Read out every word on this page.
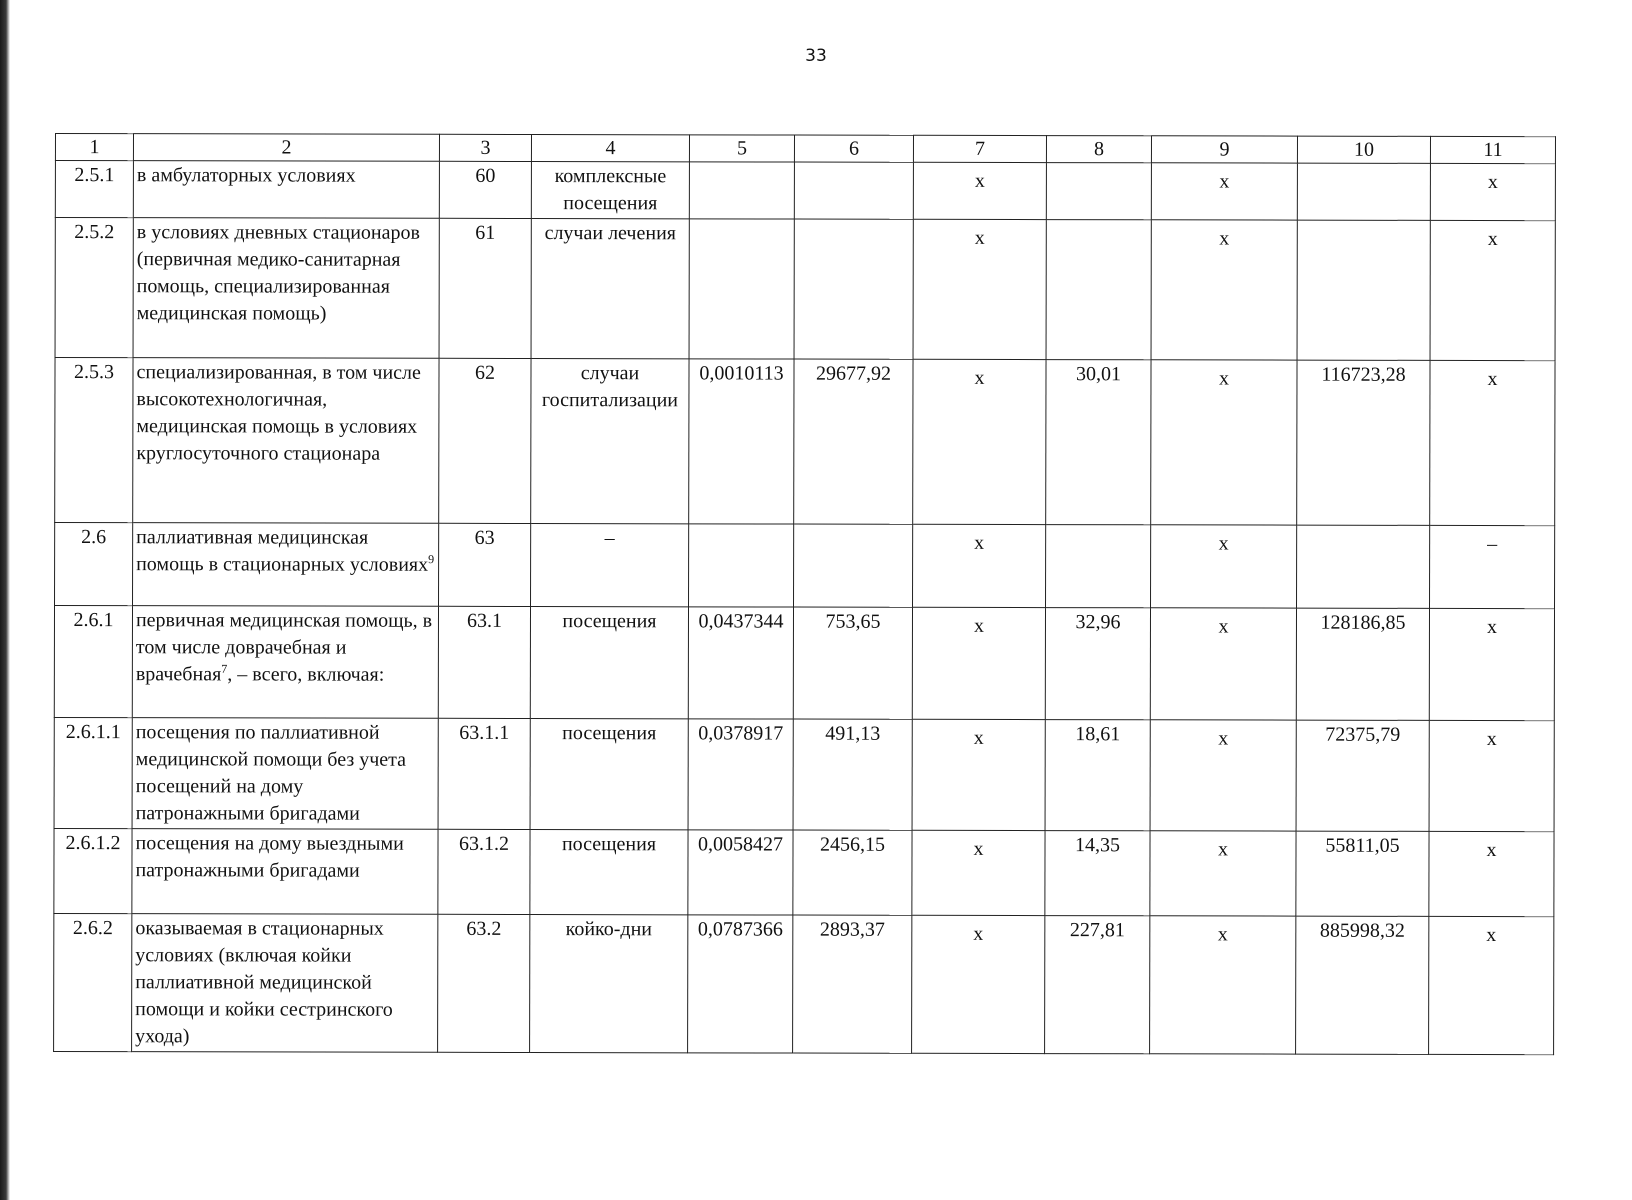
33
1	2	3	4	5	6	7	8	9	10	11
2.5.1	в амбулаторных условиях	60	комплексные посещения			х		х		х
2.5.2	в условиях дневных стационаров (первичная медико-санитарная помощь, специализированная медицинская помощь)	61	случаи лечения			х		х		х
2.5.3	специализированная, в том числе высокотехнологичная, медицинская помощь в условиях круглосуточного стационара	62	случаи госпитализации	0,0010113	29677,92	х	30,01	х	116723,28	х
2.6	паллиативная медицинская помощь в стационарных условиях$^9$	63	–			х		х		–
2.6.1	первичная медицинская помощь, в том числе доврачебная и врачебная$^7$, – всего, включая:	63.1	посещения	0,0437344	753,65	х	32,96	х	128186,85	х
2.6.1.1	посещения по паллиативной медицинской помощи без учета посещений на дому патронажными бригадами	63.1.1	посещения	0,0378917	491,13	х	18,61	х	72375,79	х
2.6.1.2	посещения на дому выездными патронажными бригадами	63.1.2	посещения	0,0058427	2456,15	х	14,35	х	55811,05	х
2.6.2	оказываемая в стационарных условиях (включая койки паллиативной медицинской помощи и койки сестринского ухода)	63.2	койко-дни	0,0787366	2893,37	х	227,81	х	885998,32	х
